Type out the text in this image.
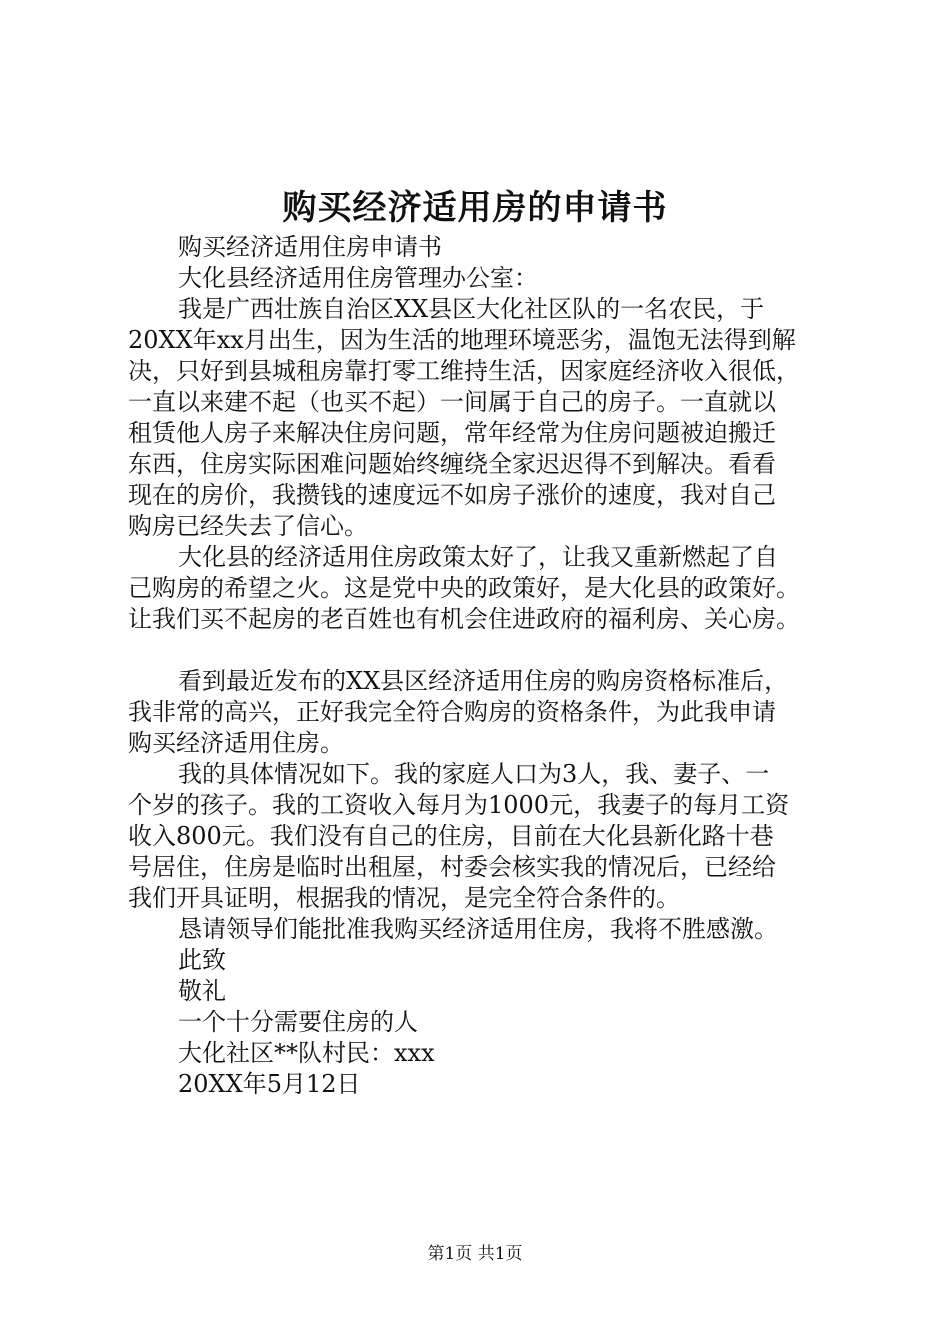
购买经济适用房的申请书
购买经济适用住房申请书
大化县经济适用住房管理办公室：
我是广西壮族自治区XX县区大化社区队的一名农民，于
20XX年xx月出生，因为生活的地理环境恶劣，温饱无法得到解
决，只好到县城租房靠打零工维持生活，因家庭经济收入很低，
一直以来建不起（也买不起）一间属于自己的房子。一直就以
租赁他人房子来解决住房问题，常年经常为住房问题被迫搬迁
东西，住房实际困难问题始终缠绕全家迟迟得不到解决。看看
现在的房价，我攒钱的速度远不如房子涨价的速度，我对自己
购房已经失去了信心。
大化县的经济适用住房政策太好了，让我又重新燃起了自
己购房的希望之火。这是党中央的政策好，是大化县的政策好。
让我们买不起房的老百姓也有机会住进政府的福利房、关心房。
看到最近发布的XX县区经济适用住房的购房资格标准后，
我非常的高兴，正好我完全符合购房的资格条件，为此我申请
购买经济适用住房。
我的具体情况如下。我的家庭人口为3人，我、妻子、一
个岁的孩子。我的工资收入每月为1000元，我妻子的每月工资
收入800元。我们没有自己的住房，目前在大化县新化路十巷
号居住，住房是临时出租屋，村委会核实我的情况后，已经给
我们开具证明，根据我的情况，是完全符合条件的。
恳请领导们能批准我购买经济适用住房，我将不胜感激。
此致
敬礼
一个十分需要住房的人
大化社区**队村民：xxx
20XX年5月12日
第1页 共1页
